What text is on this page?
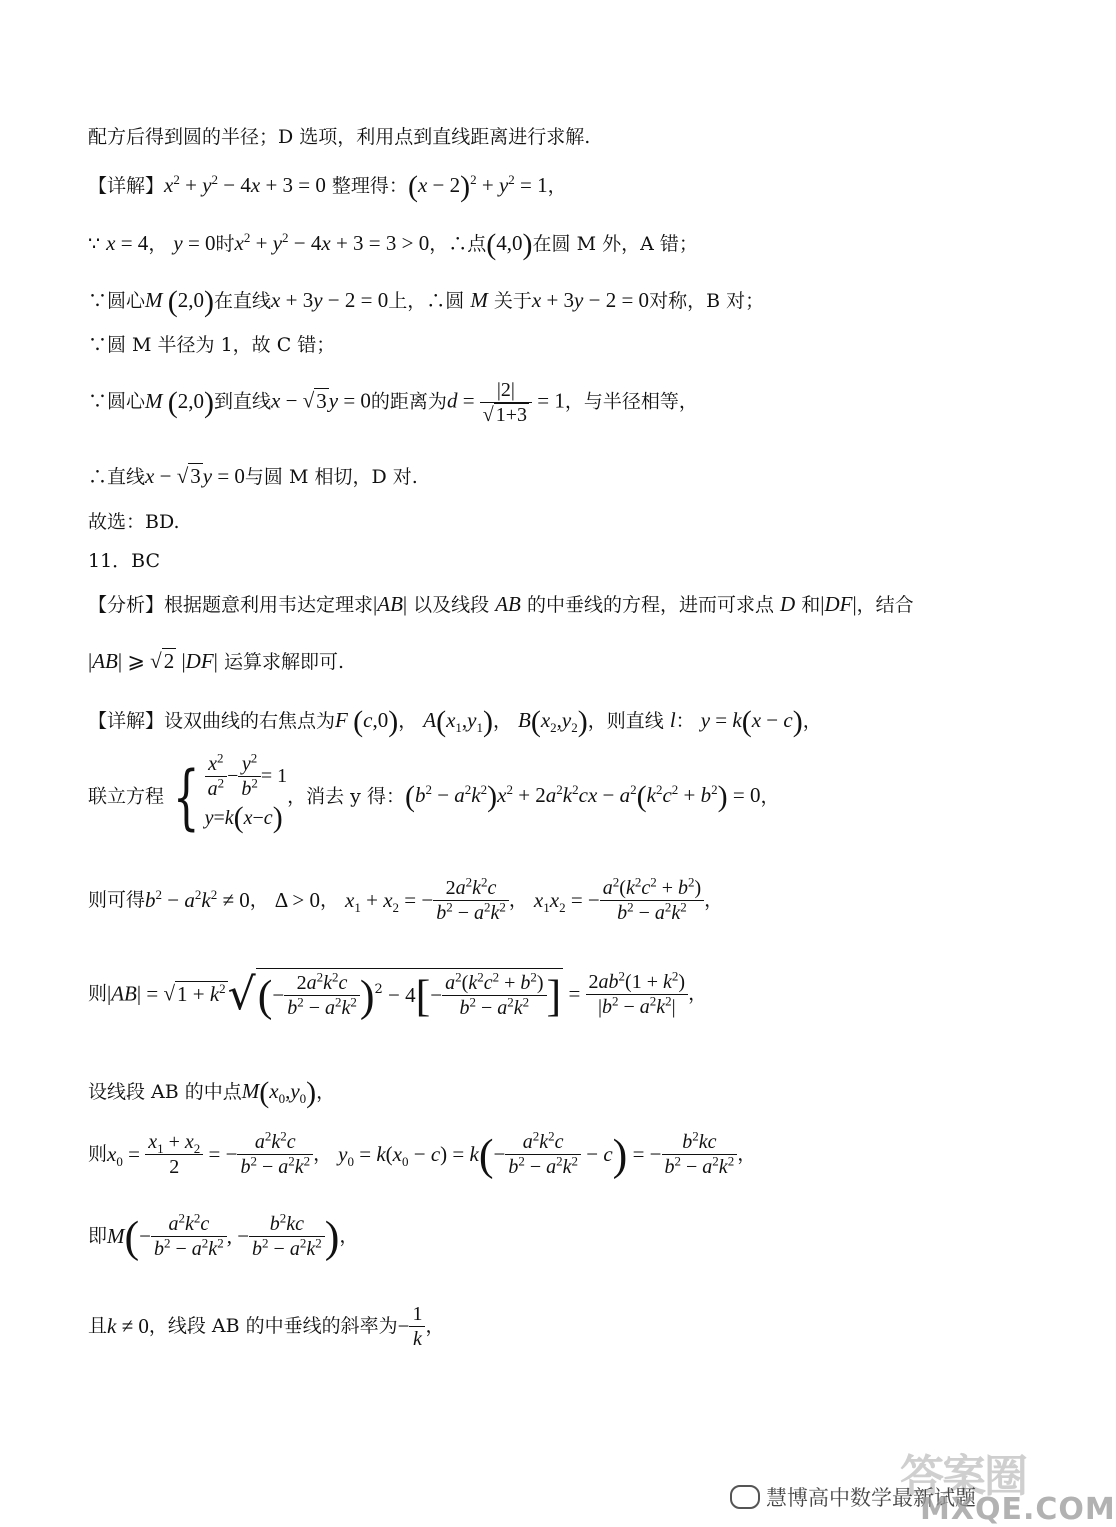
配方后得到圆的半径；D 选项，利用点到直线距离进行求解.
【详解】$x^2 + y^2 - 4x + 3 = 0$ 整理得：$(x - 2)^2 + y^2 = 1$，
∵ x = 4， y = 0时$x^2 + y^2 - 4x + 3 = 3 > 0$，∴点(4,0)在圆 M 外，A 错；
∵圆心M (2,0)在直线x + 3y − 2 = 0上，∴圆 M 关于x + 3y − 2 = 0对称，B 对；
∵圆 M 半径为 1，故 C 错；
∵圆心M (2,0)到直线x − √3y = 0的距离为$d = \frac{|2|}{√ 1+3} = 1$，与半径相等，
∴直线x − √3y = 0与圆 M 相切，D 对.
故选：BD.
11．BC
【分析】根据题意利用韦达定理求|AB| 以及线段 AB 的中垂线的方程，进而可求点 D 和|DF|，结合
|AB| ⩾ √2 |DF| 运算求解即可.
【详解】设双曲线的右焦点为F (c,0)， $A(x_1,y_1)$， $B(x_2,y_2)$，则直线 l： y = k(x − c)，
联立方程 { $\frac{x^2}{a^2} - \frac{y^2}{b^2} = 1$
y = k ( x − c )
，消去 y 得：$(b^2 - a^2k^2)x^2 + 2a^2k^2cx - a^2(k^2c^2 + b^2) = 0$，
则可得$b^2 - a^2k^2 \ne 0$， Δ > 0， $x_1 + x_2$ = − $\frac{2a^2k^2c}{b^2 - a^2k^2}$ ， $x_1x_2$ = − $\frac{a^2(k^2c^2 + b^2)}{b^2 - a^2k^2}$ ，
则$|AB| = √1 + k^2√(- \frac{2a^2k^2c}{b^2 - a^2k^2} )^2 - 4[- \frac{a^2(k^2c^2 + b^2)}{b^2 - a^2k^2}$ ] = $\frac{2ab^2(1 + k^2)}{|b^2 - a^2k^2|}$ ，
设线段 AB 的中点$M(x_0,y_0)$，
则$x_0 = \frac{x_1 + x_2}{2}$ = − $\frac{a^2k^2c}{b^2 - a^2k^2}$ ， $y_0 = k(x_0 - c) = k(- \frac{a^2k^2c}{b^2 - a^2k^2} - c)$ = − $\frac{b^2kc}{b^2 - a^2k^2}$ ，
即$M(- \frac{a^2k^2c}{b^2 - a^2k^2}$ , − $\frac{b^2kc}{b^2 - a^2k^2}$ )，
且k ≠ 0，线段 AB 的中垂线的斜率为− $\frac{1}{k}$ ，
答案圈
慧博高中数学最新试题
MXQE.COM
